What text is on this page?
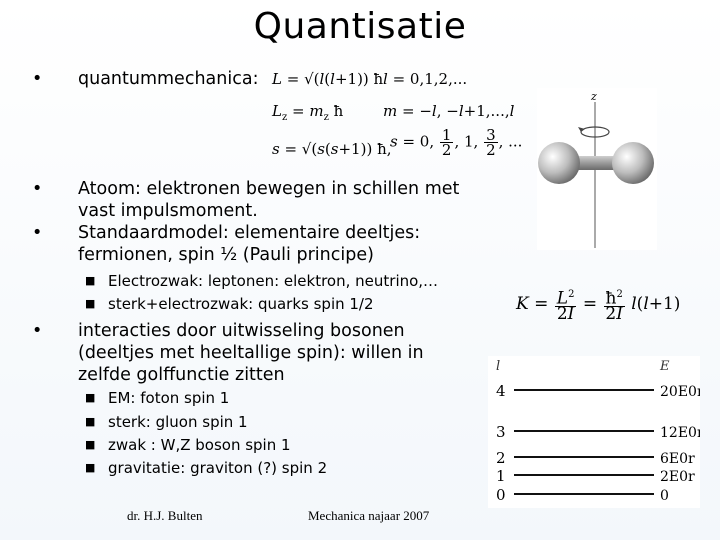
Quantisatie
• quantummechanica: L = √(l(l+1)) ħ l = 0,1,2,...
$L_z = m_z$ ħ	m = −l, −l+1,...,l
s = √(s(s+1)) ħ,
s = 0, $\frac{1}{2}$ , 1, $\frac{3}{2}$ , ...
• Atoom: elektronen bewegen in schillen met vast impulsmoment.
• Standaardmodel: elementaire deeltjes: fermionen, spin ½ (Pauli principe)
■ Electrozwak: leptonen: elektron, neutrino,…
■ sterk+electrozwak: quarks spin 1/2
• interacties door uitwisseling bosonen (deeltjes met heeltallige spin): willen in zelfde golffunctie zitten
■ EM: foton spin 1
■ sterk: gluon spin 1
■ zwak : W,Z boson spin 1
■ gravitatie: graviton (?) spin 2
z
$K = \frac{L^2}{2I} = \frac{ħ^2}{2I} l(l+1)$
l	E
4	20E0r
3	12E0r
2	6E0r
1	2E0r
0	0
dr. H.J. Bulten	Mechanica najaar 2007
